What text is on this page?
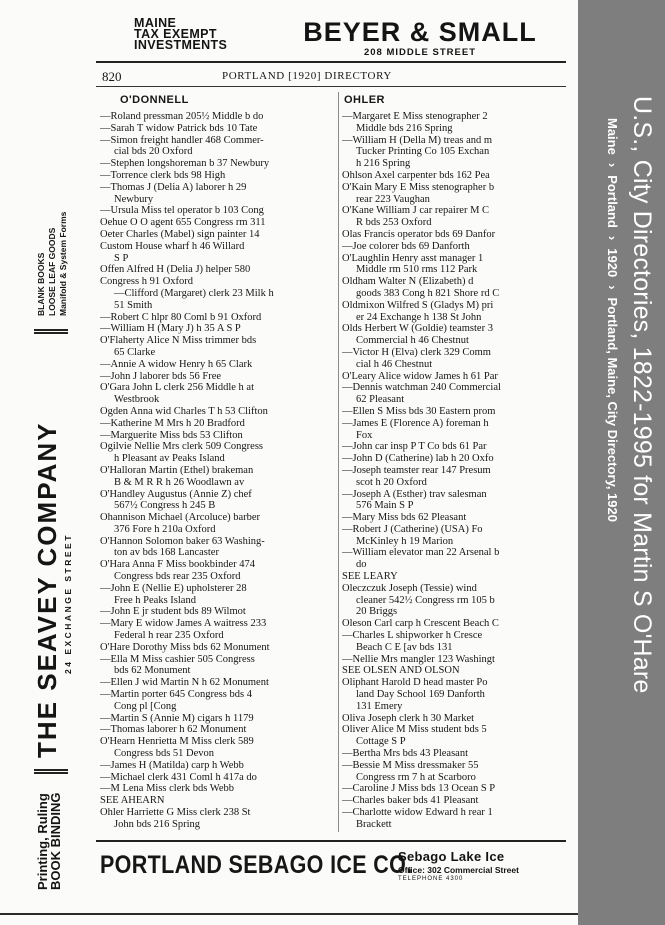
MAINE
TAX EXEMPT
INVESTMENTS	BEYER & SMALL
208 MIDDLE STREET
820	PORTLAND [1920] DIRECTORY
O'DONNELL	OHLER
—Roland pressman 205½ Middle b do
—Sarah T widow Patrick bds 10 Tate
—Simon freight handler 468 Commer-
cial bds 20 Oxford
—Stephen longshoreman b 37 Newbury
—Torrence clerk bds 98 High
—Thomas J (Delia A) laborer h 29
Newbury
—Ursula Miss tel operator b 103 Cong
Oehue O O agent 655 Congress rm 311
Oeter Charles (Mabel) sign painter 14
Custom House wharf h 46 Willard
S P
Offen Alfred H (Delia J) helper 580
Congress h 91 Oxford
—Clifford (Margaret) clerk 23 Milk h
51 Smith
—Robert C hlpr 80 Coml b 91 Oxford
—William H (Mary J) h 35 A S P
O'Flaherty Alice N Miss trimmer bds
65 Clarke
—Annie A widow Henry h 65 Clark
—John J laborer bds 56 Free
O'Gara John L clerk 256 Middle h at
Westbrook
Ogden Anna wid Charles T h 53 Clifton
—Katherine M Mrs h 20 Bradford
—Marguerite Miss bds 53 Clifton
Ogilvie Nellie Mrs clerk 509 Congress
h Pleasant av Peaks Island
O'Halloran Martin (Ethel) brakeman
B & M R R h 26 Woodlawn av
O'Handley Augustus (Annie Z) chef
567½ Congress h 245 B
Ohannison Michael (Arcoluce) barber
376 Fore h 210a Oxford
O'Hannon Solomon baker 63 Washing-
ton av bds 168 Lancaster
O'Hara Anna F Miss bookbinder 474
Congress bds rear 235 Oxford
—John E (Nellie E) upholsterer 28
Free h Peaks Island
—John E jr student bds 89 Wilmot
—Mary E widow James A waitress 233
Federal h rear 235 Oxford
O'Hare Dorothy Miss bds 62 Monument
—Ella M Miss cashier 505 Congress
bds 62 Monument
—Ellen J wid Martin N h 62 Monument
—Martin porter 645 Congress bds 4
Cong pl [Cong
—Martin S (Annie M) cigars h 1179
—Thomas laborer h 62 Monument
O'Hearn Henrietta M Miss clerk 589
Congress bds 51 Devon
—James H (Matilda) carp h Webb
—Michael clerk 431 Coml h 417a do
—M Lena Miss clerk bds Webb
SEE AHEARN
Ohler Harriette G Miss clerk 238 St
John bds 216 Spring
—Margaret E Miss stenographer 2
Middle bds 216 Spring
—William H (Della M) treas and m
Tucker Printing Co 105 Exchan
h 216 Spring
Ohlson Axel carpenter bds 162 Pea
O'Kain Mary E Miss stenographer b
rear 223 Vaughan
O'Kane William J car repairer M C
R bds 253 Oxford
Olas Francis operator bds 69 Danfor
—Joe colorer bds 69 Danforth
O'Laughlin Henry asst manager 1
Middle rm 510 rms 112 Park
Oldham Walter N (Elizabeth) d
goods 383 Cong h 821 Shore rd C
Oldmixon Wilfred S (Gladys M) pri
er 24 Exchange h 138 St John
Olds Herbert W (Goldie) teamster 3
Commercial h 46 Chestnut
—Victor H (Elva) clerk 329 Comm
cial h 46 Chestnut
O'Leary Alice widow James h 61 Par
—Dennis watchman 240 Commercial
62 Pleasant
—Ellen S Miss bds 30 Eastern prom
—James E (Florence A) foreman h
Fox
—John car insp P T Co bds 61 Par
—John D (Catherine) lab h 20 Oxfo
—Joseph teamster rear 147 Presum
scot h 20 Oxford
—Joseph A (Esther) trav salesman
576 Main S P
—Mary Miss bds 62 Pleasant
—Robert J (Catherine) (USA) Fo
McKinley h 19 Marion
—William elevator man 22 Arsenal b
do
SEE LEARY
Oleczczuk Joseph (Tessie) wind
cleaner 542½ Congress rm 105 b
20 Briggs
Oleson Carl carp h Crescent Beach C
—Charles L shipworker h Cresce
Beach C E [av bds 131
—Nellie Mrs mangler 123 Washingt
SEE OLSEN AND OLSON
Oliphant Harold D head master Po
land Day School 169 Danforth
131 Emery
Oliva Joseph clerk h 30 Market
Oliver Alice M Miss student bds 5
Cottage S P
—Bertha Mrs bds 43 Pleasant
—Bessie M Miss dressmaker 55
Congress rm 7 h at Scarboro
—Caroline J Miss bds 13 Ocean S P
—Charles baker bds 41 Pleasant
—Charlotte widow Edward h rear 1
Brackett
Printing, Ruling
BOOK BINDING
THE SEAVEY COMPANY 24 EXCHANGE STREET
BLANK BOOKS LOOSE LEAF GOODS Manifold & System Forms
PORTLAND SEBAGO ICE CO.
Sebago Lake Ice
Office: 302 Commercial Street
TELEPHONE 4300
U.S., City Directories, 1822-1995 for Martin S O'Hare
Maine›Portland›1920›Portland, Maine, City Directory, 1920
